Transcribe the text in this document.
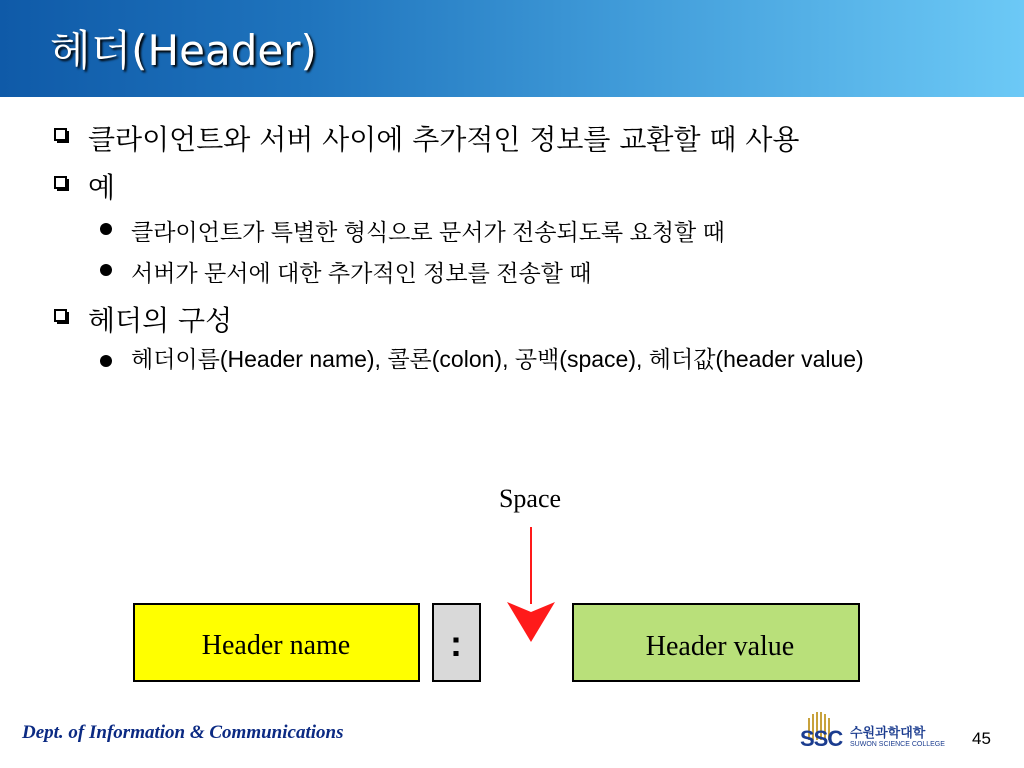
헤더(Header)
클라이언트와 서버 사이에 추가적인 정보를 교환할 때 사용
예
클라이언트가 특별한 형식으로 문서가 전송되도록 요청할 때
서버가 문서에 대한 추가적인 정보를 전송할 때
헤더의 구성
헤더이름(Header name), 콜론(colon), 공백(space), 헤더값(header value)
Space
Header name	:	Header value
Dept. of Information & Communications	SSC 수원과학대학
SUWON SCIENCE COLLEGE 45
